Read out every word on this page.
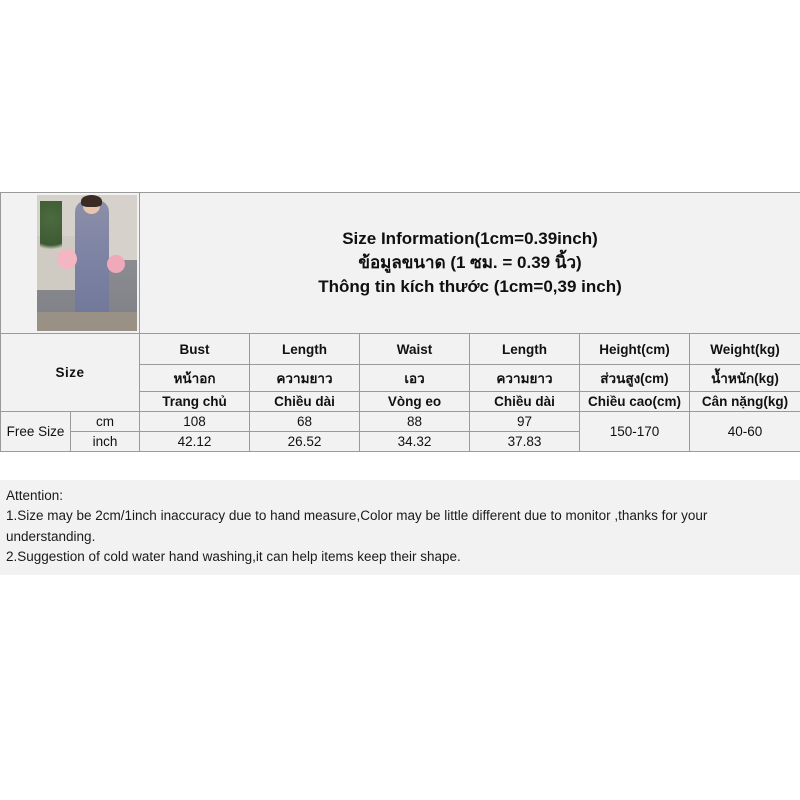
		Size Information(1cm=0.39inch)
ข้อมูลขนาด (1 ซม. = 0.39 นิ้ว)
Thông tin kích thước (1cm=0,39 inch)					

Size		Bust	Length	Waist	Length	Height(cm)	Weight(kg)
		หน้าอก	ความยาว	เอว	ความยาว	ส่วนสูง(cm)	น้ำหนัก(kg)
		Trang chủ	Chiều dài	Vòng eo	Chiều dài	Chiều cao(cm)	Cân nặng(kg)
Free Size	cm	108	68	88	97	150-170	40-60
	inch	42.12	26.52	34.32	37.83		
Attention:
1.Size may be 2cm/1inch inaccuracy due to hand measure,Color may be little different due to monitor ,thanks for your
understanding.
2.Suggestion of cold water hand washing,it can help items keep their shape.
